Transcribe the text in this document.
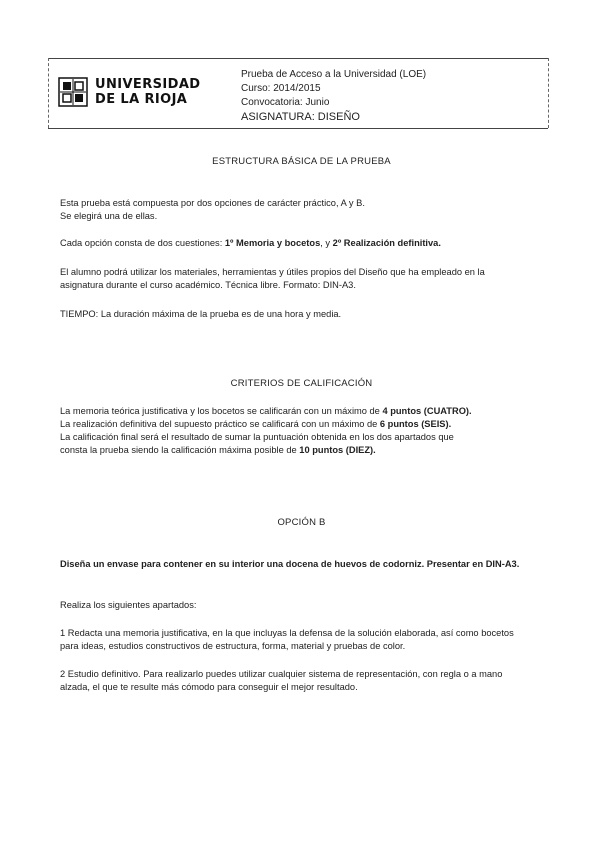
UNIVERSIDAD
DE LA RIOJA
Prueba de Acceso a la Universidad (LOE)
Curso: 2014/2015
Convocatoria: Junio
ASIGNATURA: DISEÑO
ESTRUCTURA BÁSICA DE LA PRUEBA
Esta prueba está compuesta por dos opciones de carácter práctico, A y B.
Se elegirá una de ellas.
Cada opción consta de dos cuestiones: 1º Memoria y bocetos, y 2º Realización definitiva.
El alumno podrá utilizar los materiales, herramientas y útiles propios del Diseño que ha empleado en la asignatura durante el curso académico. Técnica libre. Formato: DIN-A3.
TIEMPO: La duración máxima de la prueba es de una hora y media.
CRITERIOS DE CALIFICACIÓN
La memoria teórica justificativa y los bocetos se calificarán con un máximo de 4 puntos (CUATRO).
La realización definitiva del supuesto práctico se calificará con un máximo de 6 puntos (SEIS).
La calificación final será el resultado de sumar la puntuación obtenida en los dos apartados que
consta la prueba siendo la calificación máxima posible de 10 puntos (DIEZ).
OPCIÓN B
Diseña un envase para contener en su interior una docena de huevos de codorniz. Presentar en DIN-A3.
Realiza los siguientes apartados:
1 Redacta una memoria justificativa, en la que incluyas la defensa de la solución elaborada, así como bocetos para ideas, estudios constructivos de estructura, forma, material y pruebas de color.
2 Estudio definitivo. Para realizarlo puedes utilizar cualquier sistema de representación, con regla o a mano alzada, el que te resulte más cómodo para conseguir el mejor resultado.
